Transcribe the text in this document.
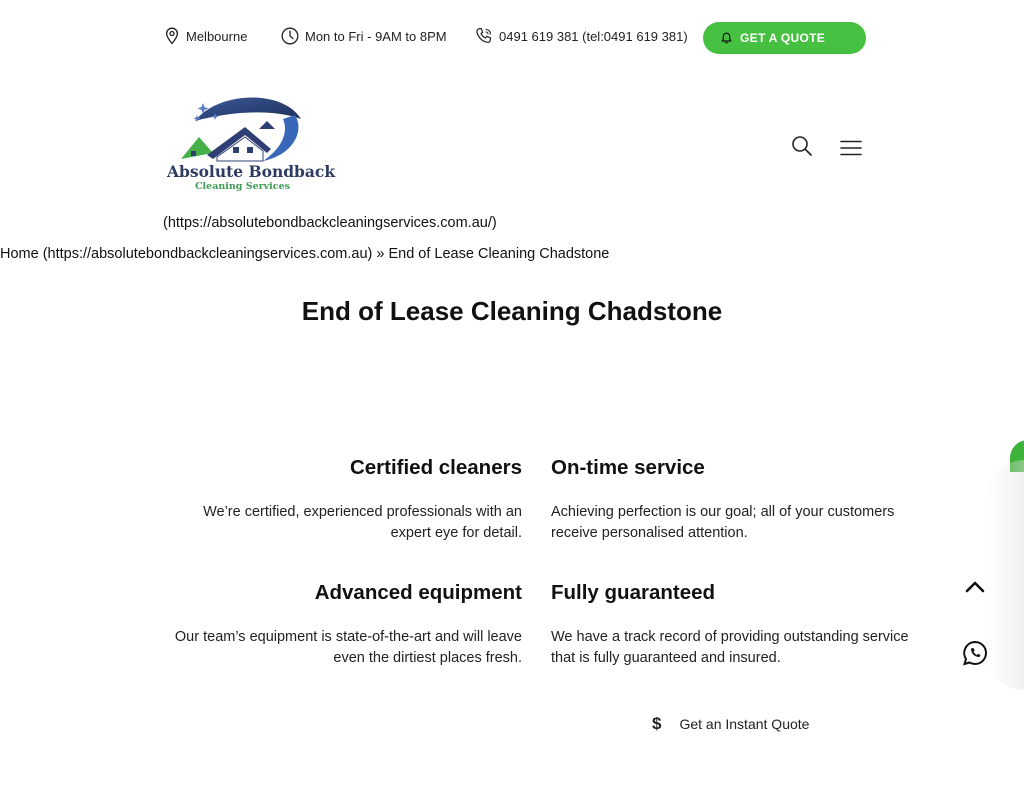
Melbourne	Mon to Fri - 9AM to 8PM	0491 619 381 (tel:0491 619 381)	GET A QUOTE
Absolute Bondback
Cleaning Services
(https://absolutebondbackcleaningservices.com.au/)
Home (https://absolutebondbackcleaningservices.com.au) » End of Lease Cleaning Chadstone
End of Lease Cleaning Chadstone
Certified cleaners

We’re certified, experienced professionals with an expert eye for detail.

On-time service

Achieving perfection is our goal; all of your customers receive personalised attention.

Advanced equipment

Our team’s equipment is state-of-the-art and will leave even the dirtiest places fresh.

Fully guaranteed

We have a track record of providing outstanding service that is fully guaranteed and insured.

$ Get an Instant Quote
